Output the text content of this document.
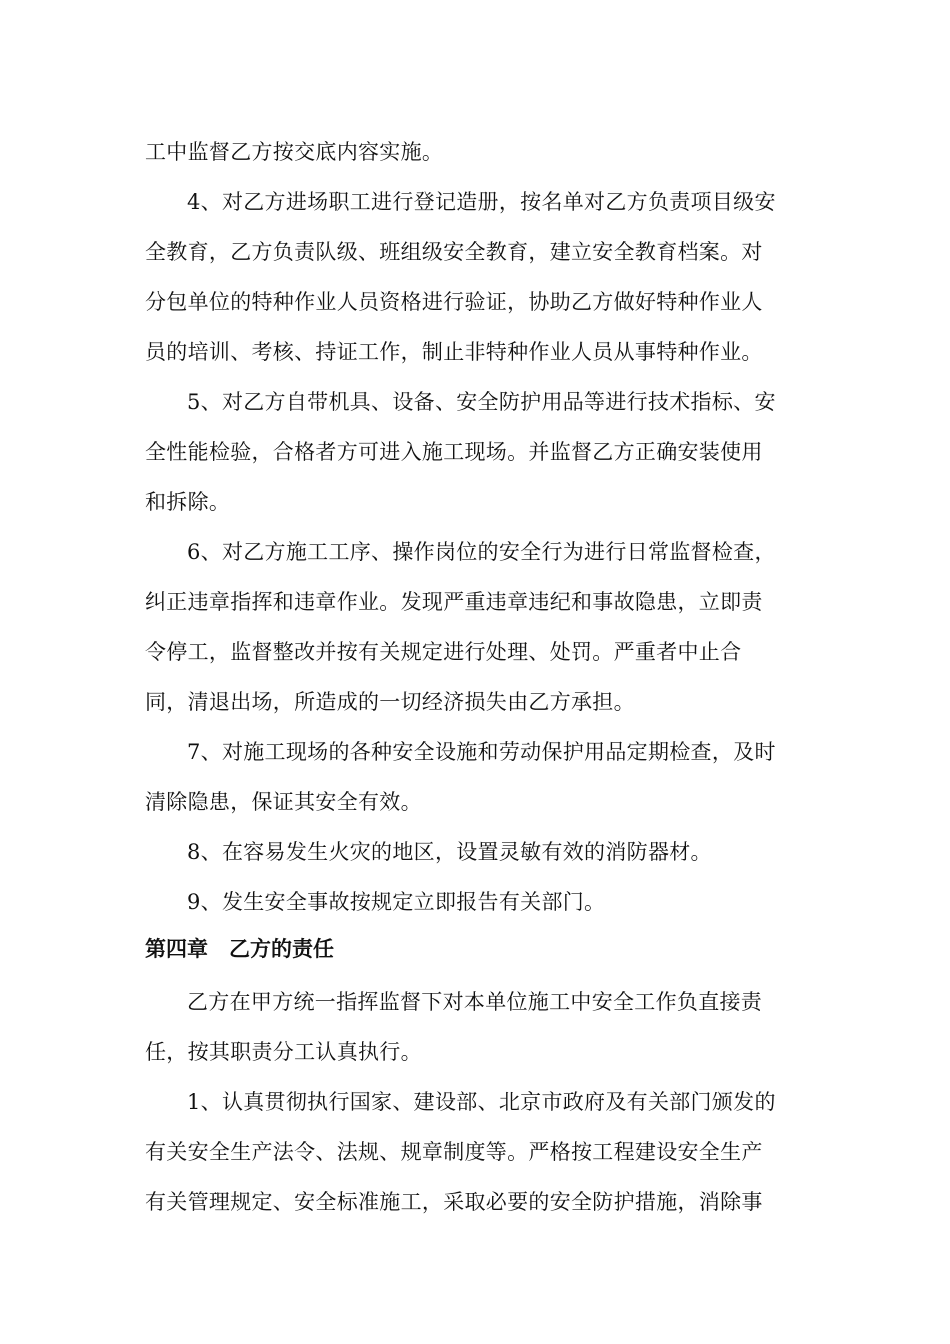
工中监督乙方按交底内容实施。
4、对乙方进场职工进行登记造册，按名单对乙方负责项目级安
全教育，乙方负责队级、班组级安全教育，建立安全教育档案。对
分包单位的特种作业人员资格进行验证，协助乙方做好特种作业人
员的培训、考核、持证工作，制止非特种作业人员从事特种作业。
5、对乙方自带机具、设备、安全防护用品等进行技术指标、安
全性能检验，合格者方可进入施工现场。并监督乙方正确安装使用
和拆除。
6、对乙方施工工序、操作岗位的安全行为进行日常监督检查，
纠正违章指挥和违章作业。发现严重违章违纪和事故隐患，立即责
令停工，监督整改并按有关规定进行处理、处罚。严重者中止合
同，清退出场，所造成的一切经济损失由乙方承担。
7、对施工现场的各种安全设施和劳动保护用品定期检查，及时
清除隐患，保证其安全有效。
8、在容易发生火灾的地区，设置灵敏有效的消防器材。
9、发生安全事故按规定立即报告有关部门。
第四章　乙方的责任
乙方在甲方统一指挥监督下对本单位施工中安全工作负直接责
任，按其职责分工认真执行。
1、认真贯彻执行国家、建设部、北京市政府及有关部门颁发的
有关安全生产法令、法规、规章制度等。严格按工程建设安全生产
有关管理规定、安全标准施工，采取必要的安全防护措施，消除事
